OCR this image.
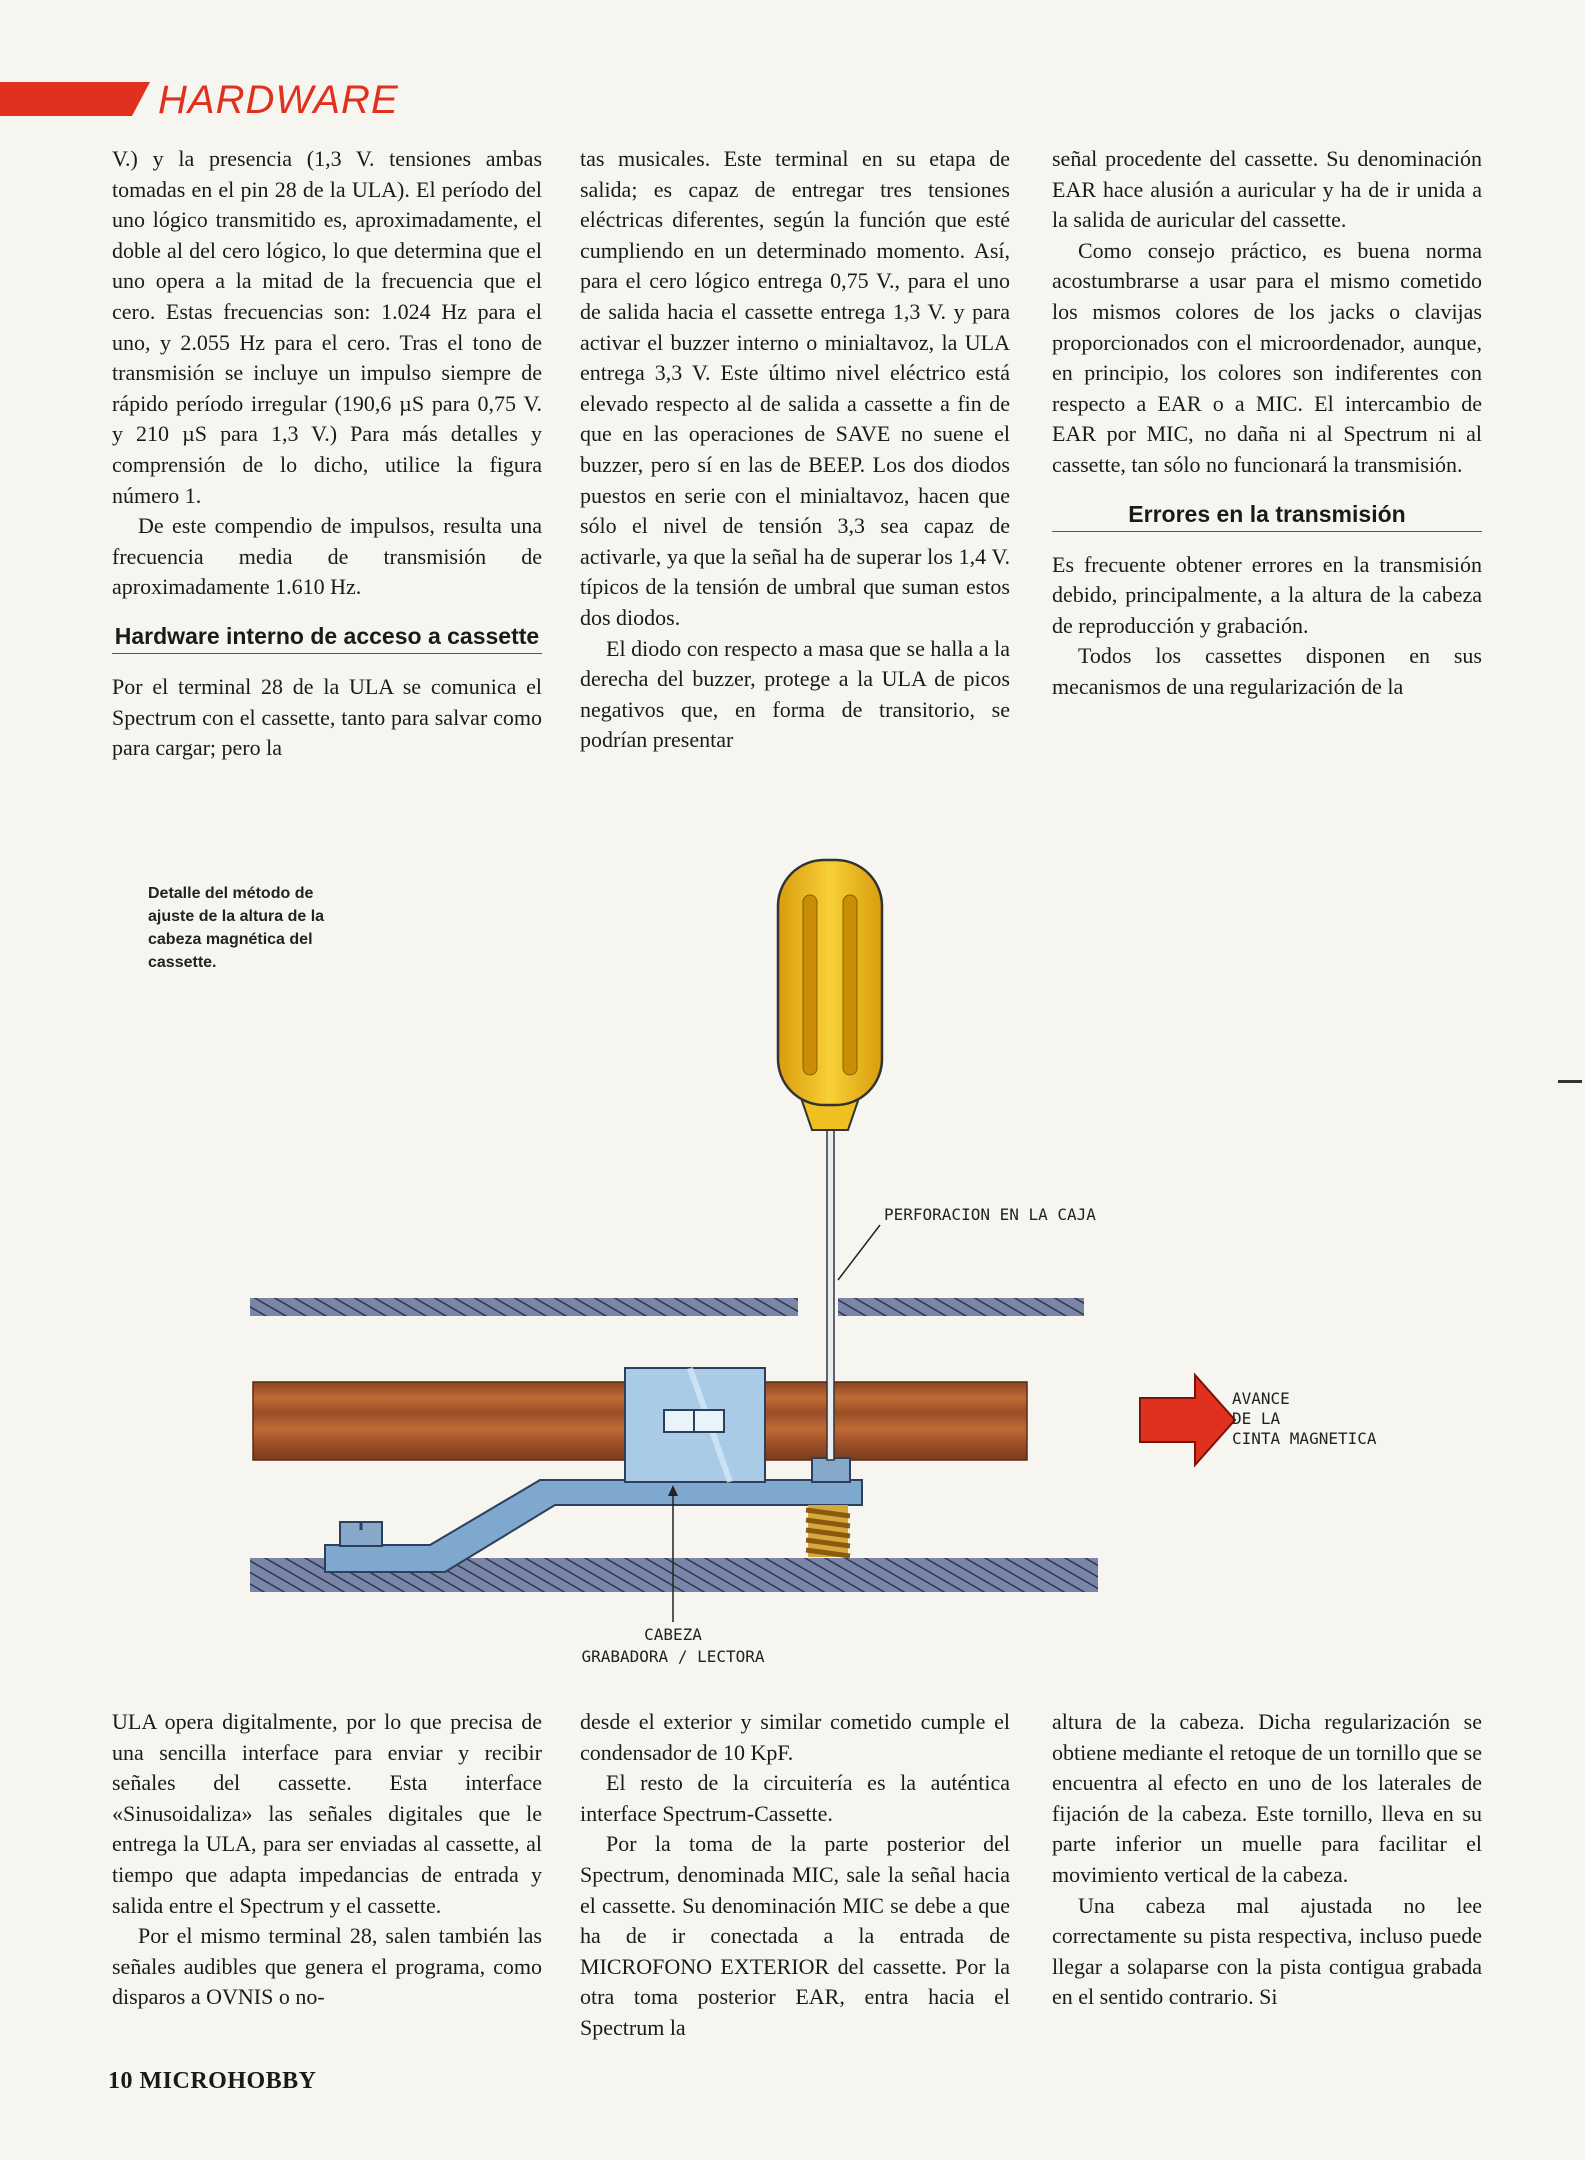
HARDWARE

V.) y la presencia (1,3 V. tensiones ambas tomadas en el pin 28 de la ULA). El período del uno lógico transmitido es, aproximadamente, el doble al del cero lógico, lo que determina que el uno opera a la mitad de la frecuencia que el cero. Estas frecuencias son: 1.024 Hz para el uno, y 2.055 Hz para el cero. Tras el tono de transmisión se incluye un impulso siempre de rápido período irregular (190,6 µS para 0,75 V. y 210 µS para 1,3 V.) Para más detalles y comprensión de lo dicho, utilice la figura número 1.

De este compendio de impulsos, resulta una frecuencia media de transmisión de aproximadamente 1.610 Hz.

Hardware interno de acceso a cassette

Por el terminal 28 de la ULA se comunica el Spectrum con el cassette, tanto para salvar como para cargar; pero la

tas musicales. Este terminal en su etapa de salida; es capaz de entregar tres tensiones eléctricas diferentes, según la función que esté cumpliendo en un determinado momento. Así, para el cero lógico entrega 0,75 V., para el uno de salida hacia el cassette entrega 1,3 V. y para activar el buzzer interno o minialtavoz, la ULA entrega 3,3 V. Este último nivel eléctrico está elevado respecto al de salida a cassette a fin de que en las operaciones de SAVE no suene el buzzer, pero sí en las de BEEP. Los dos diodos puestos en serie con el minialtavoz, hacen que sólo el nivel de tensión 3,3 sea capaz de activarle, ya que la señal ha de superar los 1,4 V. típicos de la tensión de umbral que suman estos dos diodos.

El diodo con respecto a masa que se halla a la derecha del buzzer, protege a la ULA de picos negativos que, en forma de transitorio, se podrían presentar

señal procedente del cassette. Su denominación EAR hace alusión a auricular y ha de ir unida a la salida de auricular del cassette.

Como consejo práctico, es buena norma acostumbrarse a usar para el mismo cometido los mismos colores de los jacks o clavijas proporcionados con el microordenador, aunque, en principio, los colores son indiferentes con respecto a EAR o a MIC. El intercambio de EAR por MIC, no daña ni al Spectrum ni al cassette, tan sólo no funcionará la transmisión.

Errores en la transmisión

Es frecuente obtener errores en la transmisión debido, principalmente, a la altura de la cabeza de reproducción y grabación.

Todos los cassettes disponen en sus mecanismos de una regularización de la

Detalle del método de ajuste de la altura de la cabeza magnética del cassette.
PERFORACION EN LA CAJA
AVANCE
DE LA
CINTA MAGNETICA
CABEZA
GRABADORA / LECTORA

ULA opera digitalmente, por lo que precisa de una sencilla interface para enviar y recibir señales del cassette. Esta interface «Sinusoidaliza» las señales digitales que le entrega la ULA, para ser enviadas al cassette, al tiempo que adapta impedancias de entrada y salida entre el Spectrum y el cassette.

Por el mismo terminal 28, salen también las señales audibles que genera el programa, como disparos a OVNIS o no-

desde el exterior y similar cometido cumple el condensador de 10 KpF.

El resto de la circuitería es la auténtica interface Spectrum-Cassette.

Por la toma de la parte posterior del Spectrum, denominada MIC, sale la señal hacia el cassette. Su denominación MIC se debe a que ha de ir conectada a la entrada de MICROFONO EXTERIOR del cassette. Por la otra toma posterior EAR, entra hacia el Spectrum la

altura de la cabeza. Dicha regularización se obtiene mediante el retoque de un tornillo que se encuentra al efecto en uno de los laterales de fijación de la cabeza. Este tornillo, lleva en su parte inferior un muelle para facilitar el movimiento vertical de la cabeza.

Una cabeza mal ajustada no lee correctamente su pista respectiva, incluso puede llegar a solaparse con la pista contigua grabada en el sentido contrario. Si

10 MICROHOBBY
